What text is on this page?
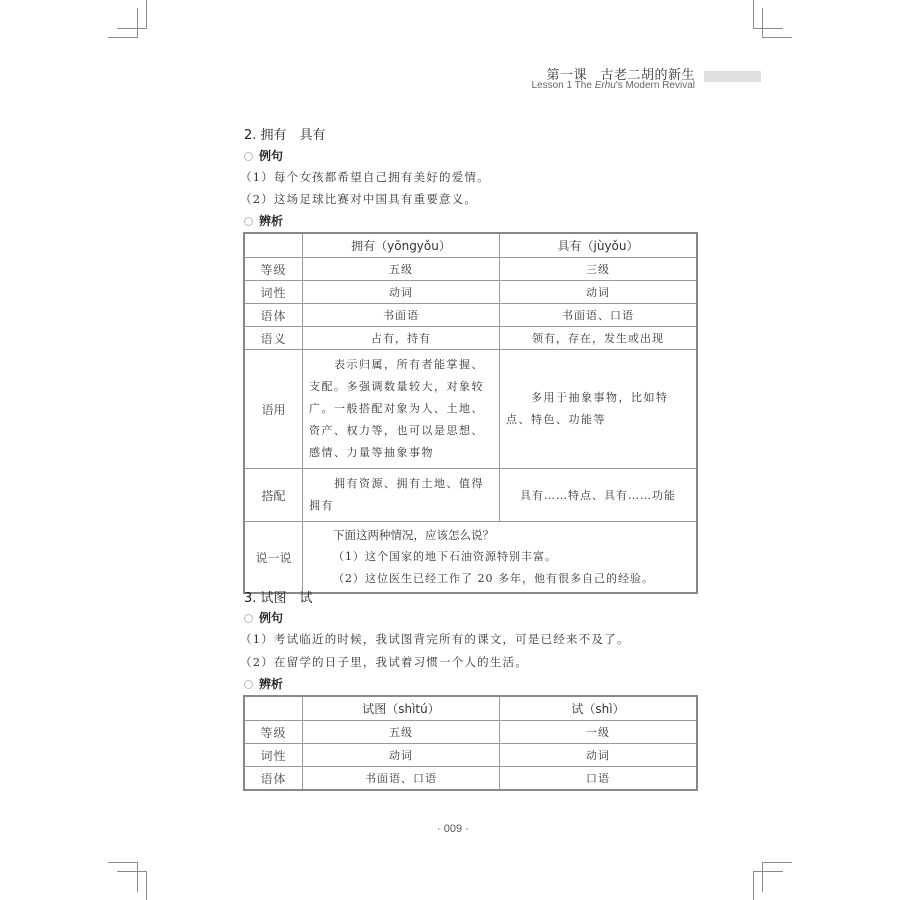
第一课　古老二胡的新生
Lesson 1 The Erhu's Modern Revival
2. 拥有　具有
例句
（1）每个女孩都希望自己拥有美好的爱情。
（2）这场足球比赛对中国具有重要意义。
辨析
	拥有（yōngyǒu）	具有（jùyǒu）
等级	五级	三级
词性	动词	动词
语体	书面语	书面语、口语
语义	占有，持有	领有，存在，发生或出现
语用	　　表示归属，所有者能掌握、支配。多强调数量较大，对象较广。一般搭配对象为人、土地、资产、权力等，也可以是思想、感情、力量等抽象事物	　　多用于抽象事物，比如特点、特色、功能等
搭配	　　拥有资源、拥有土地、值得拥有	具有……特点、具有……功能
说一说	下面这两种情况，应该怎么说？
（1）这个国家的地下石油资源特别丰富。
（2）这位医生已经工作了 20 多年，他有很多自己的经验。	
3. 试图　试
例句
（1）考试临近的时候，我试图背完所有的课文，可是已经来不及了。
（2）在留学的日子里，我试着习惯一个人的生活。
辨析
	试图（shìtú）	试（shì）
等级	五级	一级
词性	动词	动词
语体	书面语、口语	口语
· 009 ·
